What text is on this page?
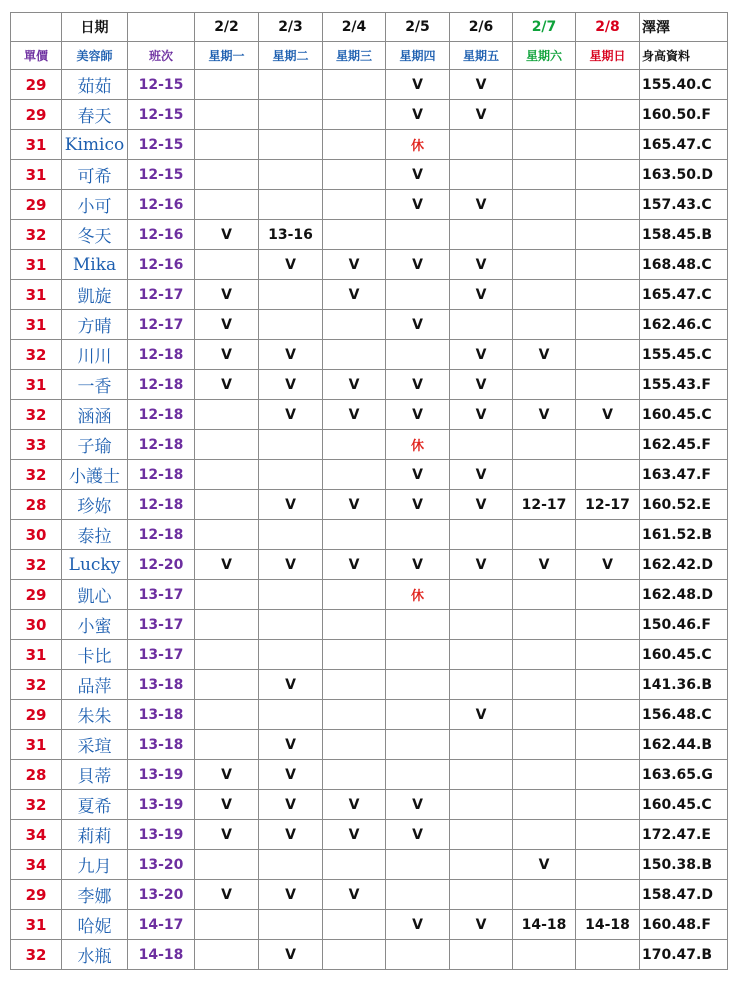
	日期		2/2	2/3	2/4	2/5	2/6	2/7	2/8	澤澤
單價	美容師	班次	星期一	星期二	星期三	星期四	星期五	星期六	星期日	身高資料
29	茹茹	12-15				V	V			155.40.C
29	春天	12-15				V	V			160.50.F
31	Kimico	12-15				休				165.47.C
31	可希	12-15				V				163.50.D
29	小可	12-16				V	V			157.43.C
32	冬天	12-16	V	13-16						158.45.B
31	Mika	12-16		V	V	V	V			168.48.C
31	凱旋	12-17	V		V		V			165.47.C
31	方晴	12-17	V			V				162.46.C
32	川川	12-18	V	V			V	V		155.45.C
31	一香	12-18	V	V	V	V	V			155.43.F
32	涵涵	12-18		V	V	V	V	V	V	160.45.C
33	子瑜	12-18				休				162.45.F
32	小護士	12-18				V	V			163.47.F
28	珍妳	12-18		V	V	V	V	12-17	12-17	160.52.E
30	泰拉	12-18								161.52.B
32	Lucky	12-20	V	V	V	V	V	V	V	162.42.D
29	凱心	13-17				休				162.48.D
30	小蜜	13-17								150.46.F
31	卡比	13-17								160.45.C
32	品萍	13-18		V						141.36.B
29	朱朱	13-18					V			156.48.C
31	采瑄	13-18		V						162.44.B
28	貝蒂	13-19	V	V						163.65.G
32	夏希	13-19	V	V	V	V				160.45.C
34	莉莉	13-19	V	V	V	V				172.47.E
34	九月	13-20						V		150.38.B
29	李娜	13-20	V	V	V					158.47.D
31	哈妮	14-17				V	V	14-18	14-18	160.48.F
32	水瓶	14-18		V						170.47.B
